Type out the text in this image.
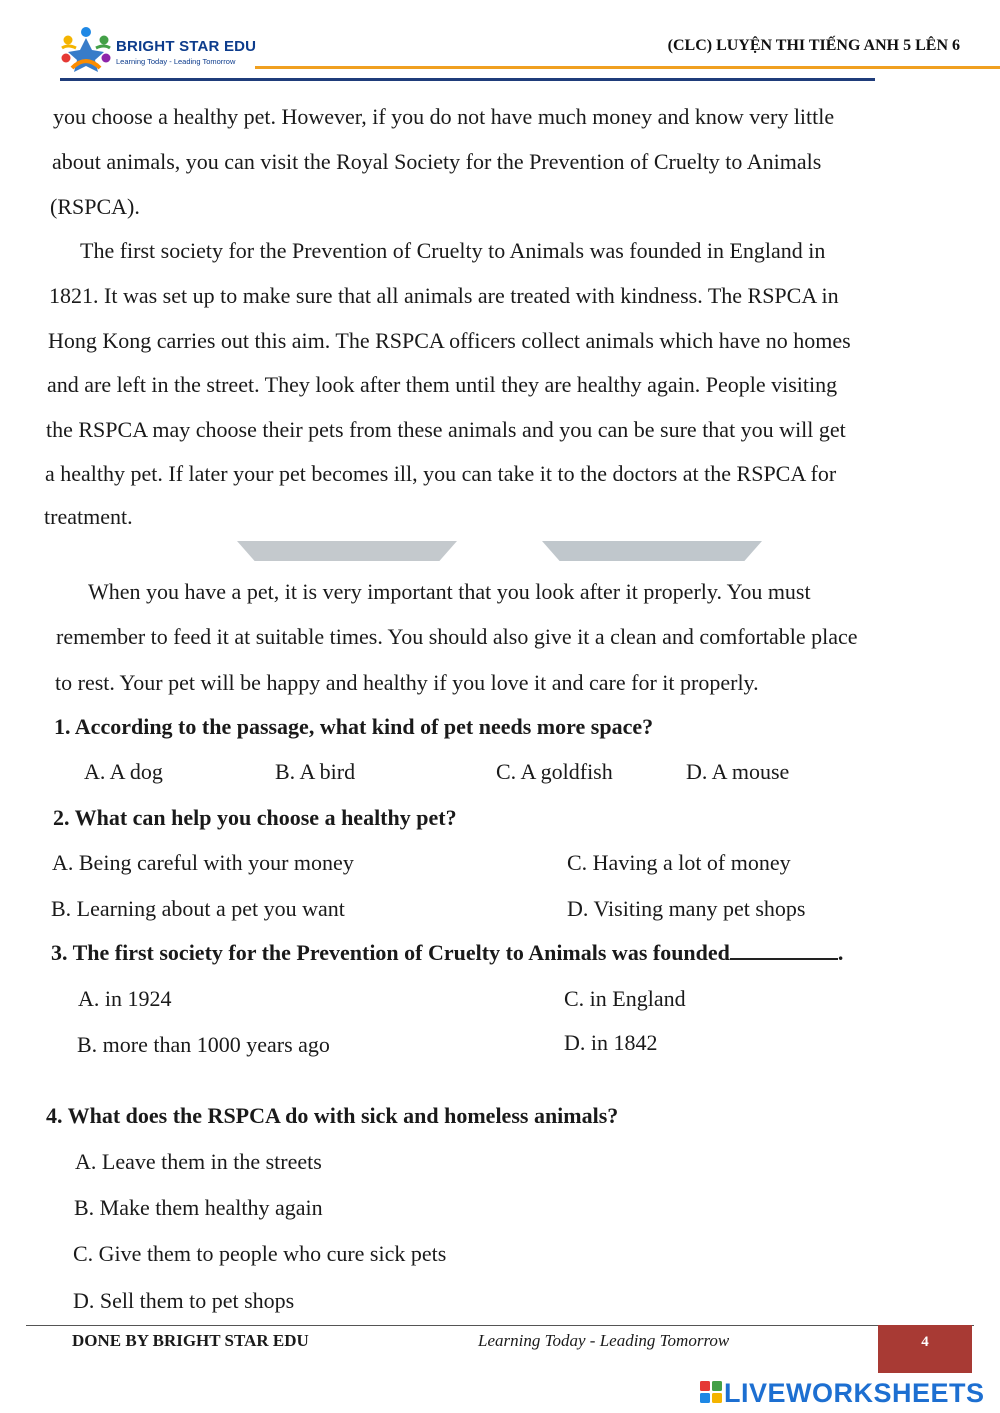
BRIGHT STAR EDU
Learning Today - Leading Tomorrow
(CLC) LUYỆN THI TIẾNG ANH 5 LÊN 6
you choose a healthy pet. However, if you do not have much money and know very little
about animals, you can visit the Royal Society for the Prevention of Cruelty to Animals
(RSPCA).
The first society for the Prevention of Cruelty to Animals was founded in England in
1821. It was set up to make sure that all animals are treated with kindness. The RSPCA in
Hong Kong carries out this aim. The RSPCA officers collect animals which have no homes
and are left in the street. They look after them until they are healthy again. People visiting
the RSPCA may choose their pets from these animals and you can be sure that you will get
a healthy pet. If later your pet becomes ill, you can take it to the doctors at the RSPCA for
treatment.
When you have a pet, it is very important that you look after it properly. You must
remember to feed it at suitable times. You should also give it a clean and comfortable place
to rest. Your pet will be happy and healthy if you love it and care for it properly.
1. According to the passage, what kind of pet needs more space?
A. A dog	B. A bird	C. A goldfish	D. A mouse
2. What can help you choose a healthy pet?
A. Being careful with your money	C. Having a lot of money
B. Learning about a pet you want	D. Visiting many pet shops
3. The first society for the Prevention of Cruelty to Animals was founded	.
A. in 1924	C. in England
B. more than 1000 years ago	D. in 1842
4. What does the RSPCA do with sick and homeless animals?
A. Leave them in the streets
B. Make them healthy again
C. Give them to people who cure sick pets
D. Sell them to pet shops
DONE BY BRIGHT STAR EDU	Learning Today - Leading Tomorrow	4
LIVEWORKSHEETS
